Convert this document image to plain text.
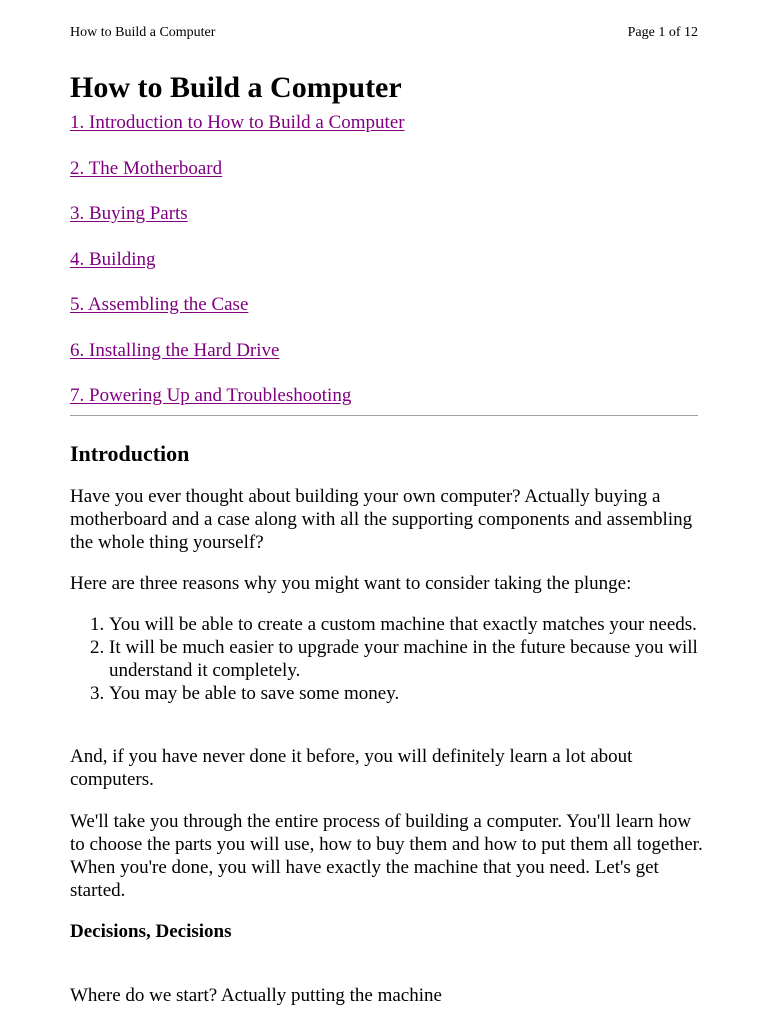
How to Build a Computer	Page 1 of 12
How to Build a Computer
1. Introduction to How to Build a Computer
2. The Motherboard
3. Buying Parts
4. Building
5. Assembling the Case
6. Installing the Hard Drive
7. Powering Up and Troubleshooting
Introduction

Have you ever thought about building your own computer? Actually buying a motherboard and a case along with all the supporting components and assembling the whole thing yourself?

Here are three reasons why you might want to consider taking the plunge:

1. You will be able to create a custom machine that exactly matches your needs.
2. It will be much easier to upgrade your machine in the future because you will understand it completely.
3. You may be able to save some money.

And, if you have never done it before, you will definitely learn a lot about computers.

We'll take you through the entire process of building a computer. You'll learn how to choose the parts you will use, how to buy them and how to put them all together. When you're done, you will have exactly the machine that you need. Let's get started.

Decisions, Decisions

Where do we start? Actually putting the machine
